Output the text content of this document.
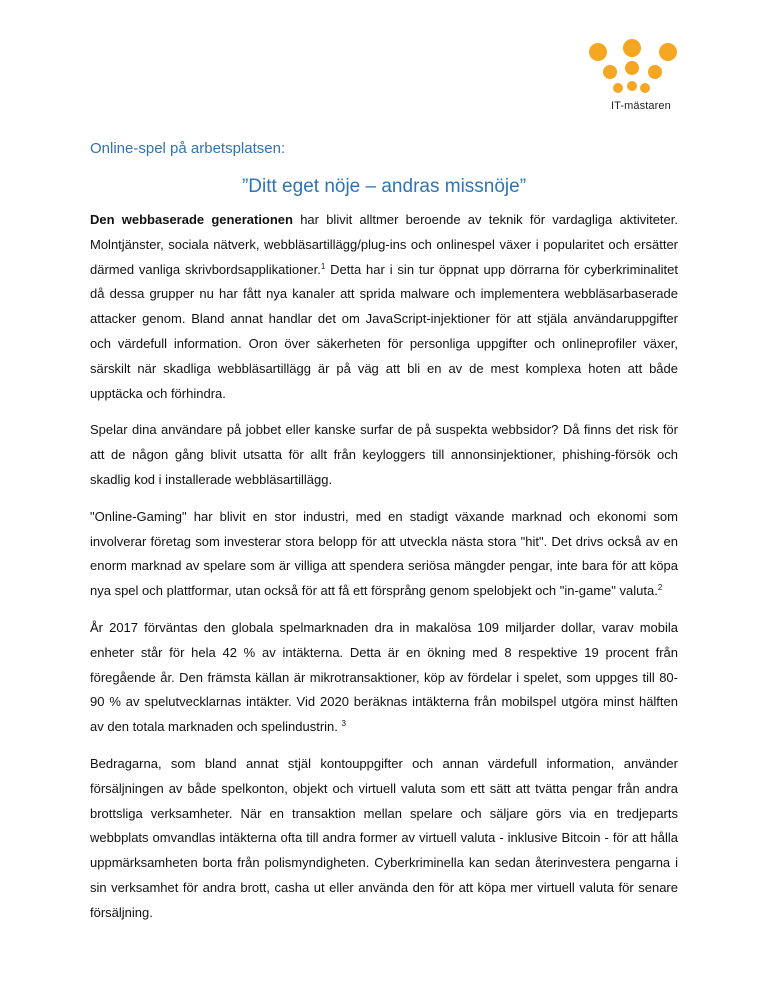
IT-mästaren
Online-spel på arbetsplatsen:
”Ditt eget nöje – andras missnöje”

Den webbaserade generationen har blivit alltmer beroende av teknik för vardagliga aktiviteter. Molntjänster, sociala nätverk, webbläsartillägg/plug-ins och onlinespel växer i popularitet och ersätter därmed vanliga skrivbordsapplikationer.$^1$ Detta har i sin tur öppnat upp dörrarna för cyberkriminalitet då dessa grupper nu har fått nya kanaler att sprida malware och implementera webbläsarbaserade attacker genom. Bland annat handlar det om JavaScript-injektioner för att stjäla användaruppgifter och värdefull information. Oron över säkerheten för personliga uppgifter och onlineprofiler växer, särskilt när skadliga webbläsartillägg är på väg att bli en av de mest komplexa hoten att både upptäcka och förhindra.

Spelar dina användare på jobbet eller kanske surfar de på suspekta webbsidor? Då finns det risk för att de någon gång blivit utsatta för allt från keyloggers till annonsinjektioner, phishing-försök och skadlig kod i installerade webbläsartillägg.

"Online-Gaming" har blivit en stor industri, med en stadigt växande marknad och ekonomi som involverar företag som investerar stora belopp för att utveckla nästa stora "hit". Det drivs också av en enorm marknad av spelare som är villiga att spendera seriösa mängder pengar, inte bara för att köpa nya spel och plattformar, utan också för att få ett försprång genom spelobjekt och "in-game" valuta.$^2$

År 2017 förväntas den globala spelmarknaden dra in makalösa 109 miljarder dollar, varav mobila enheter står för hela 42 % av intäkterna. Detta är en ökning med 8 respektive 19 procent från föregående år. Den främsta källan är mikrotransaktioner, köp av fördelar i spelet, som uppges till 80-90 % av spelutvecklarnas intäkter. Vid 2020 beräknas intäkterna från mobilspel utgöra minst hälften av den totala marknaden och spelindustrin. $^3$

Bedragarna, som bland annat stjäl kontouppgifter och annan värdefull information, använder försäljningen av både spelkonton, objekt och virtuell valuta som ett sätt att tvätta pengar från andra brottsliga verksamheter. När en transaktion mellan spelare och säljare görs via en tredjeparts webbplats omvandlas intäkterna ofta till andra former av virtuell valuta - inklusive Bitcoin - för att hålla uppmärksamheten borta från polismyndigheten. Cyberkriminella kan sedan återinvestera pengarna i sin verksamhet för andra brott, casha ut eller använda den för att köpa mer virtuell valuta för senare försäljning.
